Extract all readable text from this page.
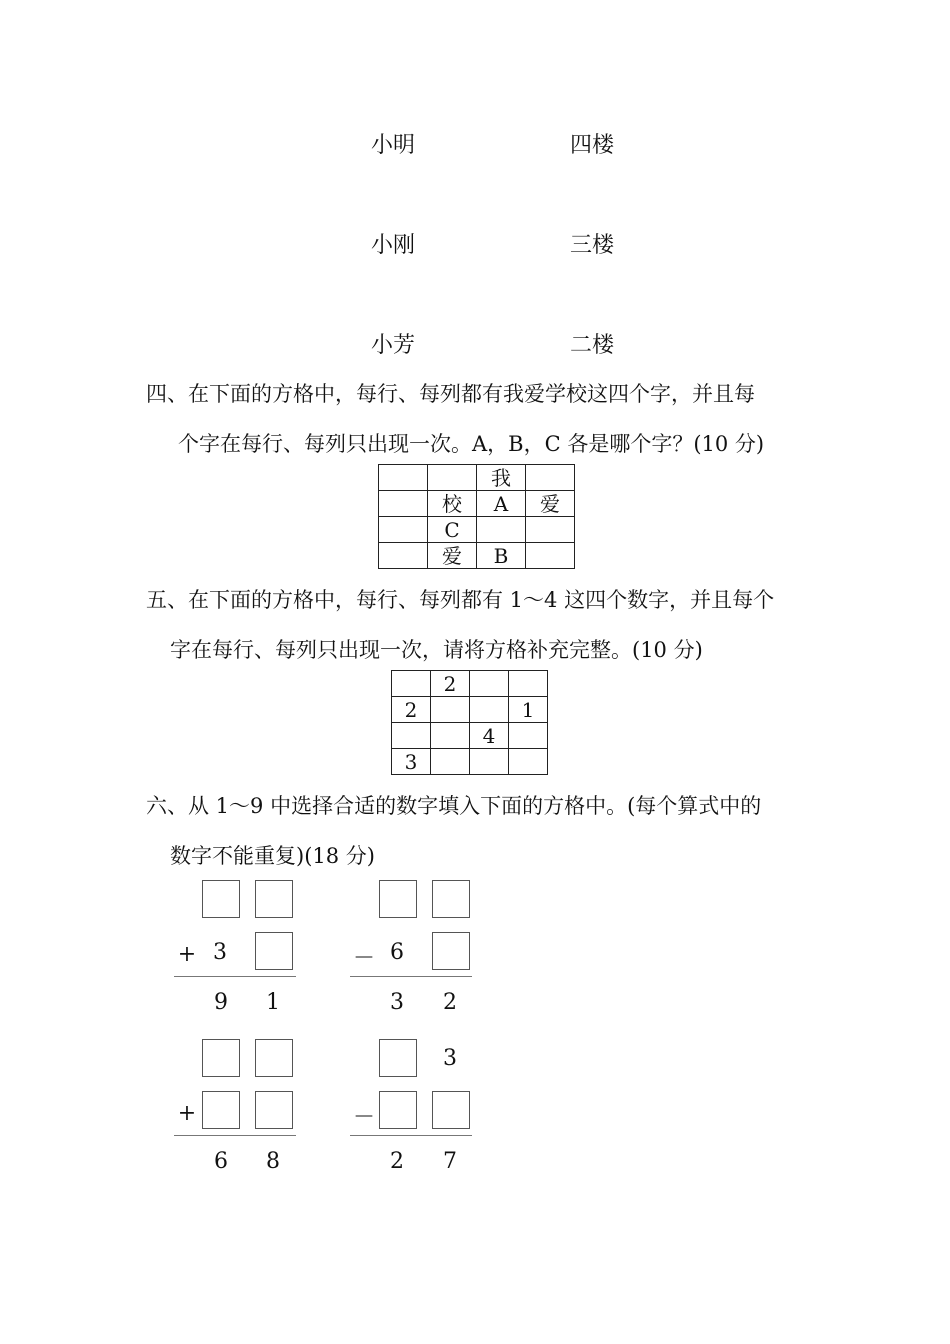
小明	四楼
小刚	三楼
小芳	二楼
四、在下面的方格中，每行、每列都有我爱学校这四个字，并且每
个字在每行、每列只出现一次。A，B，C 各是哪个字？(10 分)
		我	
	校	A	爱
	C		
	爱	B	
五、在下面的方格中，每行、每列都有 1～4 这四个数字，并且每个
字在每行、每列只出现一次，请将方格补充完整。(10 分)
	2		
2			1
		4	
3			
六、从 1～9 中选择合适的数字填入下面的方格中。(每个算式中的
数字不能重复)(18 分)
+ 3
9 1
－ 6
3 2
+
6 8
3
－
2 7
